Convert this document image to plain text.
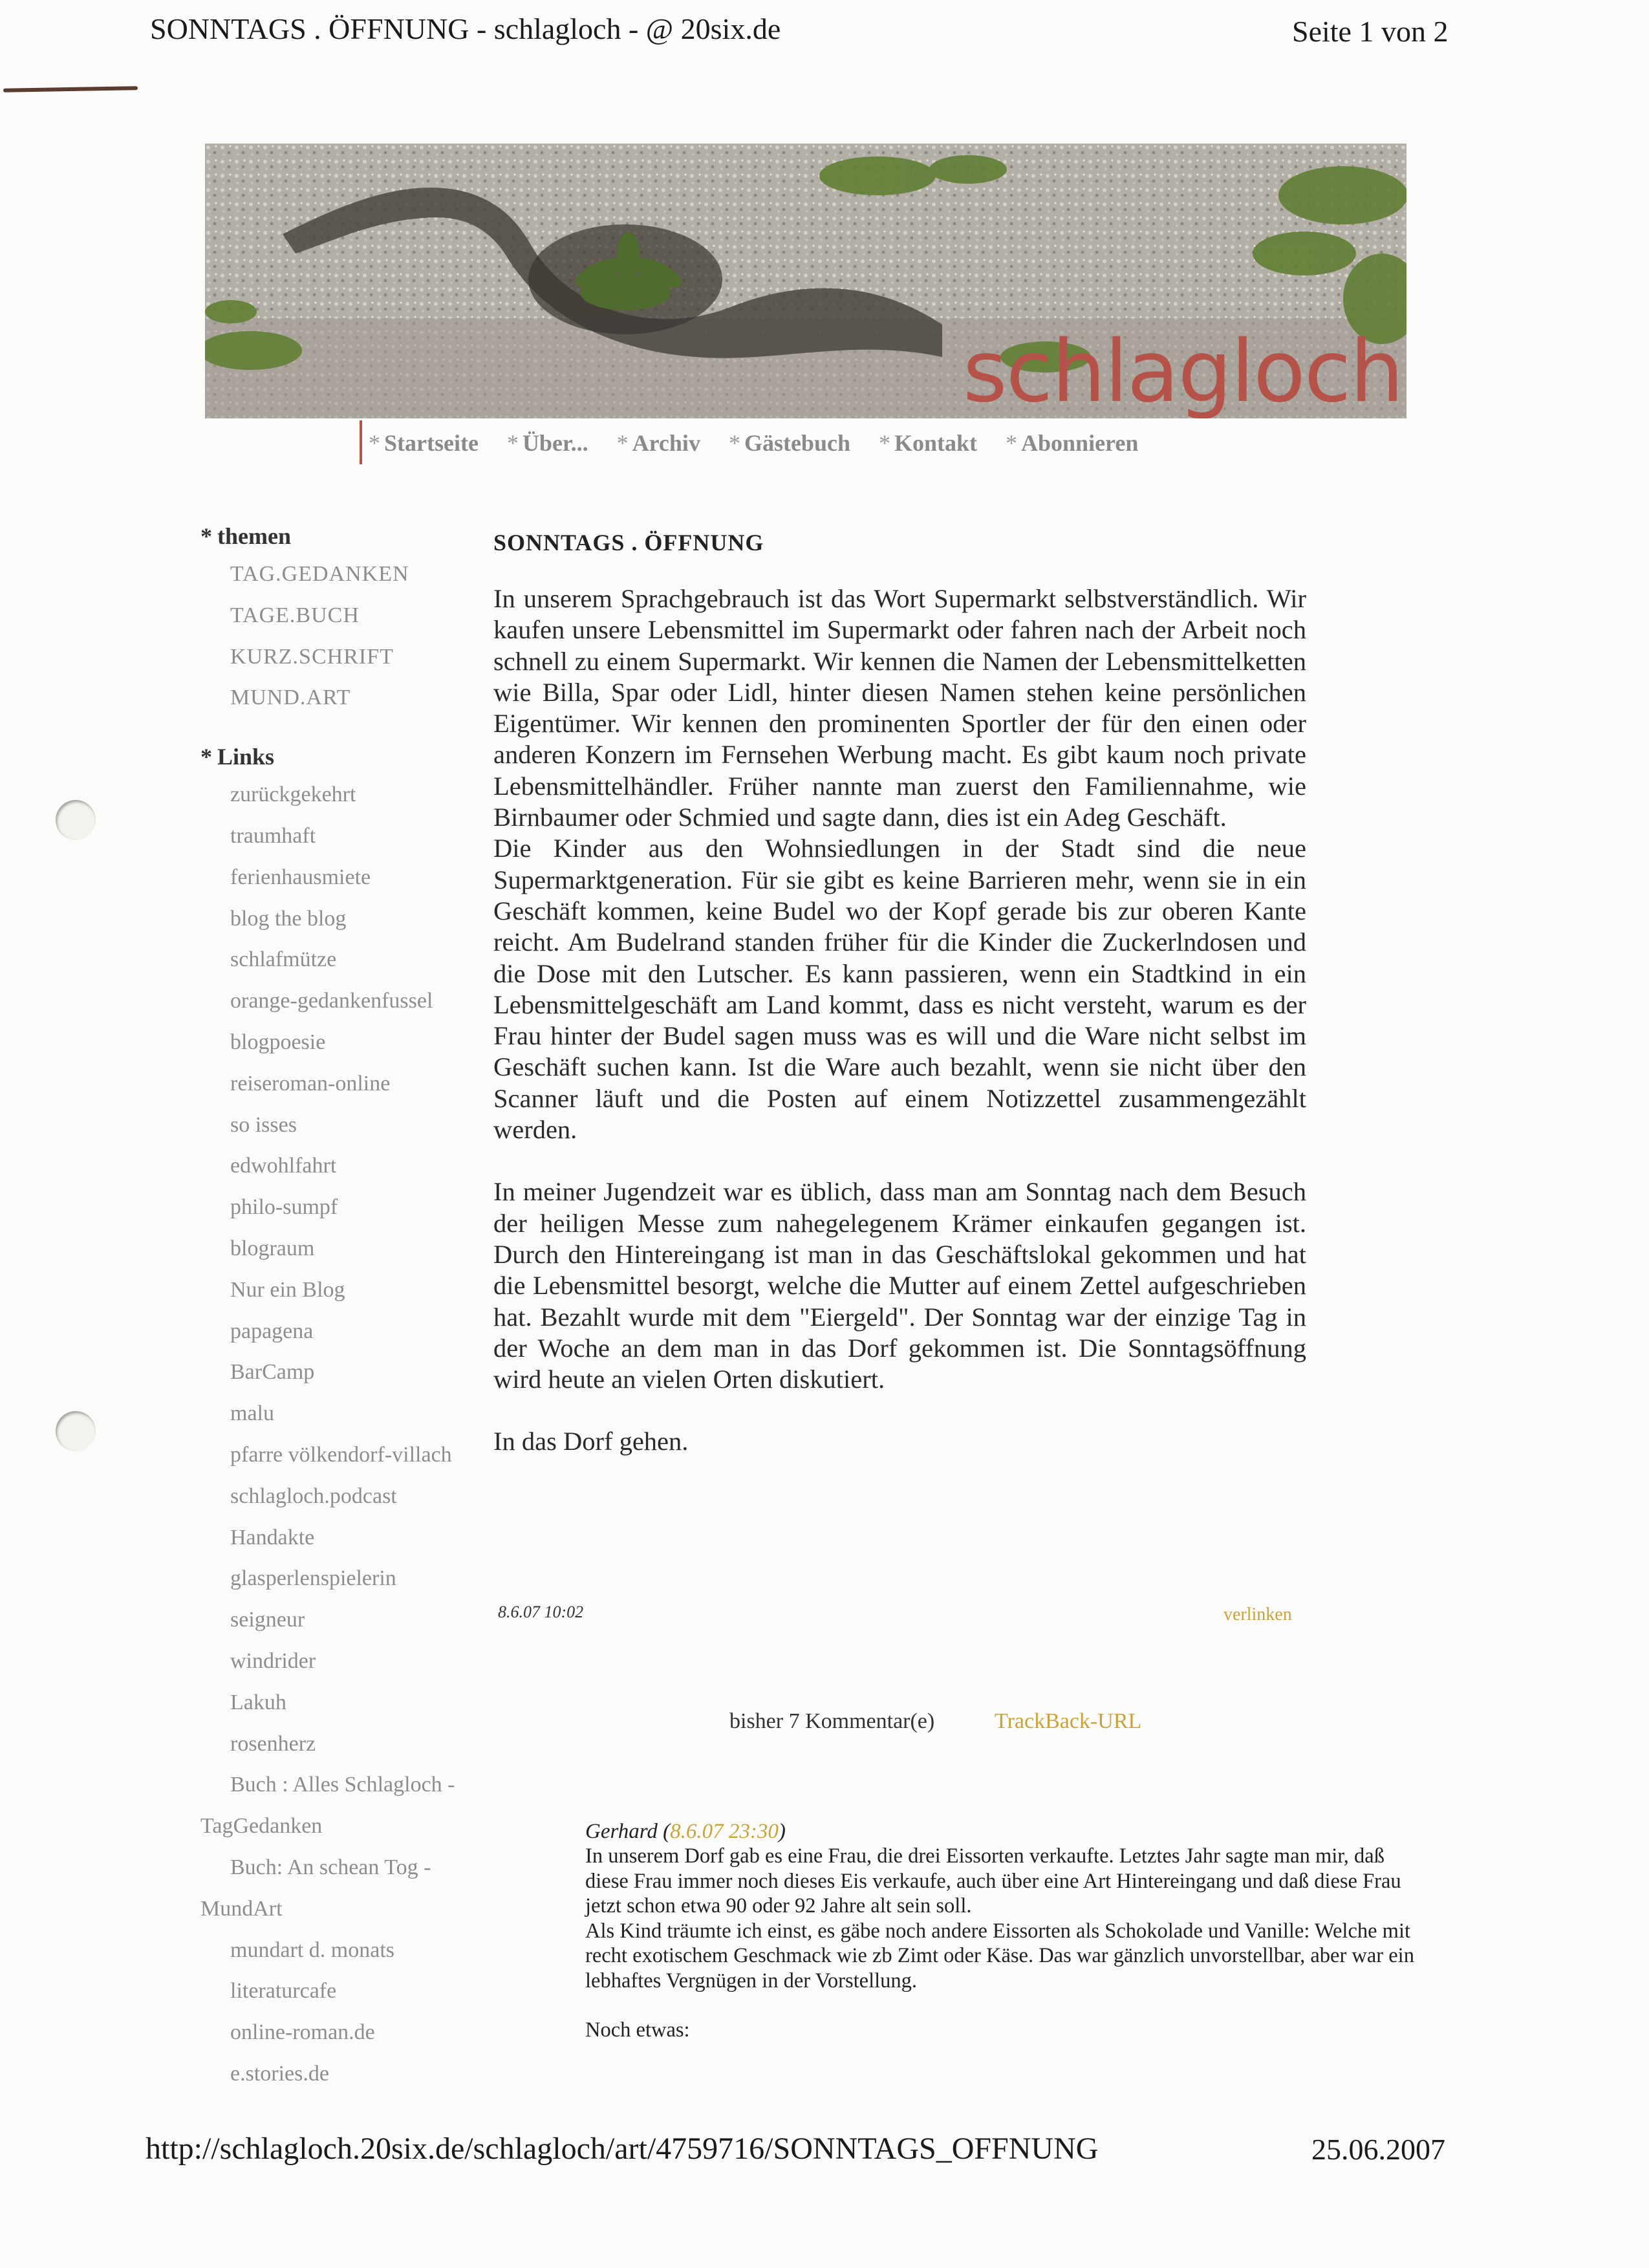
SONNTAGS . ÖFFNUNG - schlagloch - @ 20six.de	Seite 1 von 2
schlagloch
* Startseite * Über... * Archiv * Gästebuch * Kontakt * Abonnieren
* themen
TAG.GEDANKEN
TAGE.BUCH
KURZ.SCHRIFT
MUND.ART
* Links
zurückgekehrt
traumhaft
ferienhausmiete
blog the blog
schlafmütze
orange-gedankenfussel
blogpoesie
reiseroman-online
so isses
edwohlfahrt
philo-sumpf
blograum
Nur ein Blog
papagena
BarCamp
malu
pfarre völkendorf-villach
schlagloch.podcast
Handakte
glasperlenspielerin
seigneur
windrider
Lakuh
rosenherz
Buch : Alles Schlagloch -
TagGedanken
Buch: An schean Tog -
MundArt
mundart d. monats
literaturcafe
online-roman.de
e.stories.de
SONNTAGS . ÖFFNUNG

In unserem Sprachgebrauch ist das Wort Supermarkt selbstverständlich. Wir kaufen unsere Lebensmittel im Supermarkt oder fahren nach der Arbeit noch schnell zu einem Supermarkt. Wir kennen die Namen der Lebensmittelketten wie Billa, Spar oder Lidl, hinter diesen Namen stehen keine persönlichen Eigentümer. Wir kennen den prominenten Sportler der für den einen oder anderen Konzern im Fernsehen Werbung macht. Es gibt kaum noch private Lebensmittelhändler. Früher nannte man zuerst den Familiennahme, wie Birnbaumer oder Schmied und sagte dann, dies ist ein Adeg Geschäft.

Die Kinder aus den Wohnsiedlungen in der Stadt sind die neue Supermarktgeneration. Für sie gibt es keine Barrieren mehr, wenn sie in ein Geschäft kommen, keine Budel wo der Kopf gerade bis zur oberen Kante reicht. Am Budelrand standen früher für die Kinder die Zuckerlndosen und die Dose mit den Lutscher. Es kann passieren, wenn ein Stadtkind in ein Lebensmittelgeschäft am Land kommt, dass es nicht versteht, warum es der Frau hinter der Budel sagen muss was es will und die Ware nicht selbst im Geschäft suchen kann. Ist die Ware auch bezahlt, wenn sie nicht über den Scanner läuft und die Posten auf einem Notizzettel zusammengezählt werden.

In meiner Jugendzeit war es üblich, dass man am Sonntag nach dem Besuch der heiligen Messe zum nahegelegenem Krämer einkaufen gegangen ist. Durch den Hintereingang ist man in das Geschäftslokal gekommen und hat die Lebensmittel besorgt, welche die Mutter auf einem Zettel aufgeschrieben hat. Bezahlt wurde mit dem "Eiergeld". Der Sonntag war der einzige Tag in der Woche an dem man in das Dorf gekommen ist. Die Sonntagsöffnung wird heute an vielen Orten diskutiert.

In das Dorf gehen.

8.6.07 10:02	verlinken
bisher 7 Kommentar(e)	TrackBack-URL
Gerhard (8.6.07 23:30)

In unserem Dorf gab es eine Frau, die drei Eissorten verkaufte. Letztes Jahr sagte man mir, daß diese Frau immer noch dieses Eis verkaufe, auch über eine Art Hintereingang und daß diese Frau jetzt schon etwa 90 oder 92 Jahre alt sein soll.

Als Kind träumte ich einst, es gäbe noch andere Eissorten als Schokolade und Vanille: Welche mit recht exotischem Geschmack wie zb Zimt oder Käse. Das war gänzlich unvorstellbar, aber war ein lebhaftes Vergnügen in der Vorstellung.

Noch etwas:

http://schlagloch.20six.de/schlagloch/art/4759716/SONNTAGS_OFFNUNG	25.06.2007
